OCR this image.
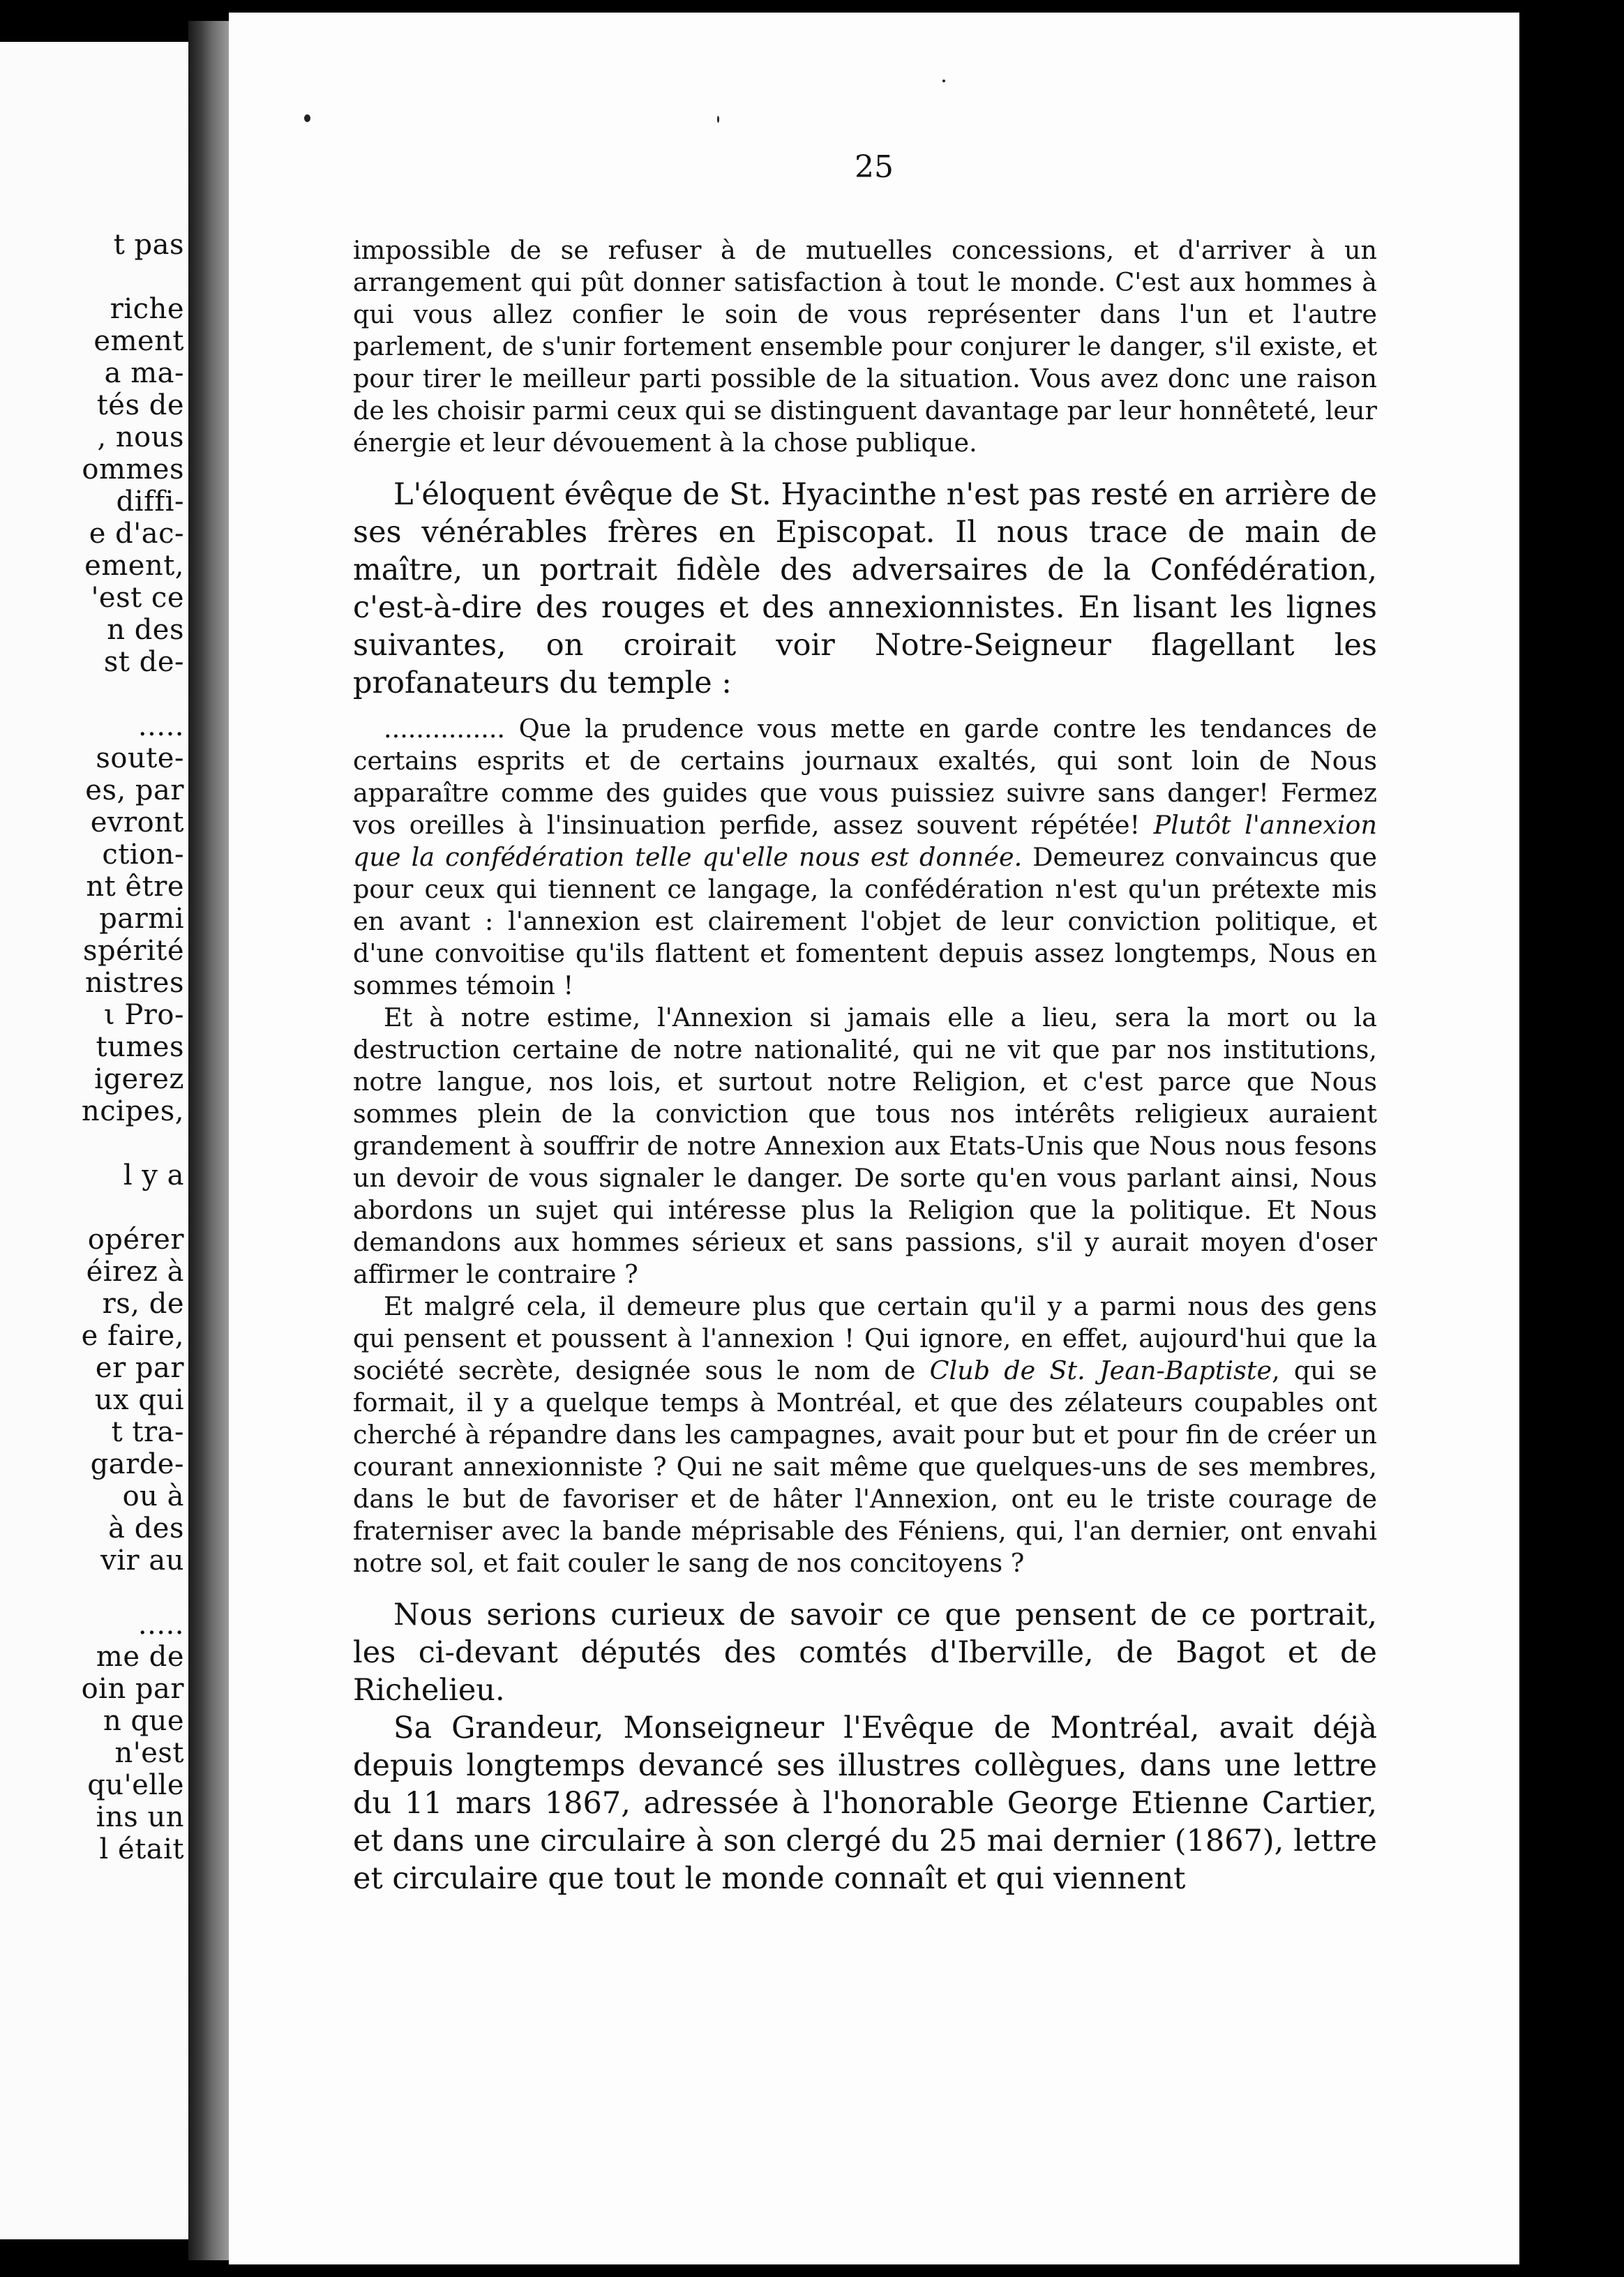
t pas
riche
ement
a ma-
tés de
, nous
ommes
diffi-
e d'ac-
ement,
'est ce
n des
st de-
.....
soute-
es, par
evront
ction-
nt être
parmi
spérité
nistres
ι Pro-
tumes
igerez
ncipes,
l y a
opérer
éirez à
rs, de
e faire,
er par
ux qui
t tra-
garde-
ou à
à des
vir au
.....
me de
oin par
n que
n'est
qu'elle
ins un
l était
25

impossible de se refuser à de mutuelles concessions, et d'arriver à un arrangement qui pût donner satisfaction à tout le monde. C'est aux hommes à qui vous allez confier le soin de vous représenter dans l'un et l'autre parlement, de s'unir fortement ensemble pour conjurer le danger, s'il existe, et pour tirer le meilleur parti possible de la situation. Vous avez donc une raison de les choisir parmi ceux qui se distinguent davantage par leur honnêteté, leur énergie et leur dévouement à la chose publique.

L'éloquent évêque de St. Hyacinthe n'est pas resté en arrière de ses vénérables frères en Episcopat. Il nous trace de main de maître, un portrait fidèle des adversaires de la Confédération, c'est-à-dire des rouges et des annexionnistes. En lisant les lignes suivantes, on croirait voir Notre-Seigneur flagellant les profanateurs du temple :

............... Que la prudence vous mette en garde contre les tendances de certains esprits et de certains journaux exaltés, qui sont loin de Nous apparaître comme des guides que vous puissiez suivre sans danger! Fermez vos oreilles à l'insinuation perfide, assez souvent répétée! Plutôt l'annexion que la confédération telle qu'elle nous est donnée. Demeurez convaincus que pour ceux qui tiennent ce langage, la confédération n'est qu'un prétexte mis en avant : l'annexion est clairement l'objet de leur conviction politique, et d'une convoitise qu'ils flattent et fomentent depuis assez longtemps, Nous en sommes témoin !

Et à notre estime, l'Annexion si jamais elle a lieu, sera la mort ou la destruction certaine de notre nationalité, qui ne vit que par nos institutions, notre langue, nos lois, et surtout notre Religion, et c'est parce que Nous sommes plein de la conviction que tous nos intérêts religieux auraient grandement à souffrir de notre Annexion aux Etats-Unis que Nous nous fesons un devoir de vous signaler le danger. De sorte qu'en vous parlant ainsi, Nous abordons un sujet qui intéresse plus la Religion que la politique. Et Nous demandons aux hommes sérieux et sans passions, s'il y aurait moyen d'oser affirmer le contraire ?

Et malgré cela, il demeure plus que certain qu'il y a parmi nous des gens qui pensent et poussent à l'annexion ! Qui ignore, en effet, aujourd'hui que la société secrète, designée sous le nom de Club de St. Jean-Baptiste, qui se formait, il y a quelque temps à Montréal, et que des zélateurs coupables ont cherché à répandre dans les campagnes, avait pour but et pour fin de créer un courant annexionniste ? Qui ne sait même que quelques-uns de ses membres, dans le but de favoriser et de hâter l'Annexion, ont eu le triste courage de fraterniser avec la bande méprisable des Féniens, qui, l'an dernier, ont envahi notre sol, et fait couler le sang de nos concitoyens ?

Nous serions curieux de savoir ce que pensent de ce portrait, les ci-devant députés des comtés d'Iberville, de Bagot et de Richelieu.

Sa Grandeur, Monseigneur l'Evêque de Montréal, avait déjà depuis longtemps devancé ses illustres collègues, dans une lettre du 11 mars 1867, adressée à l'honorable George Etienne Cartier, et dans une circulaire à son clergé du 25 mai dernier (1867), lettre et circulaire que tout le monde connaît et qui viennent
